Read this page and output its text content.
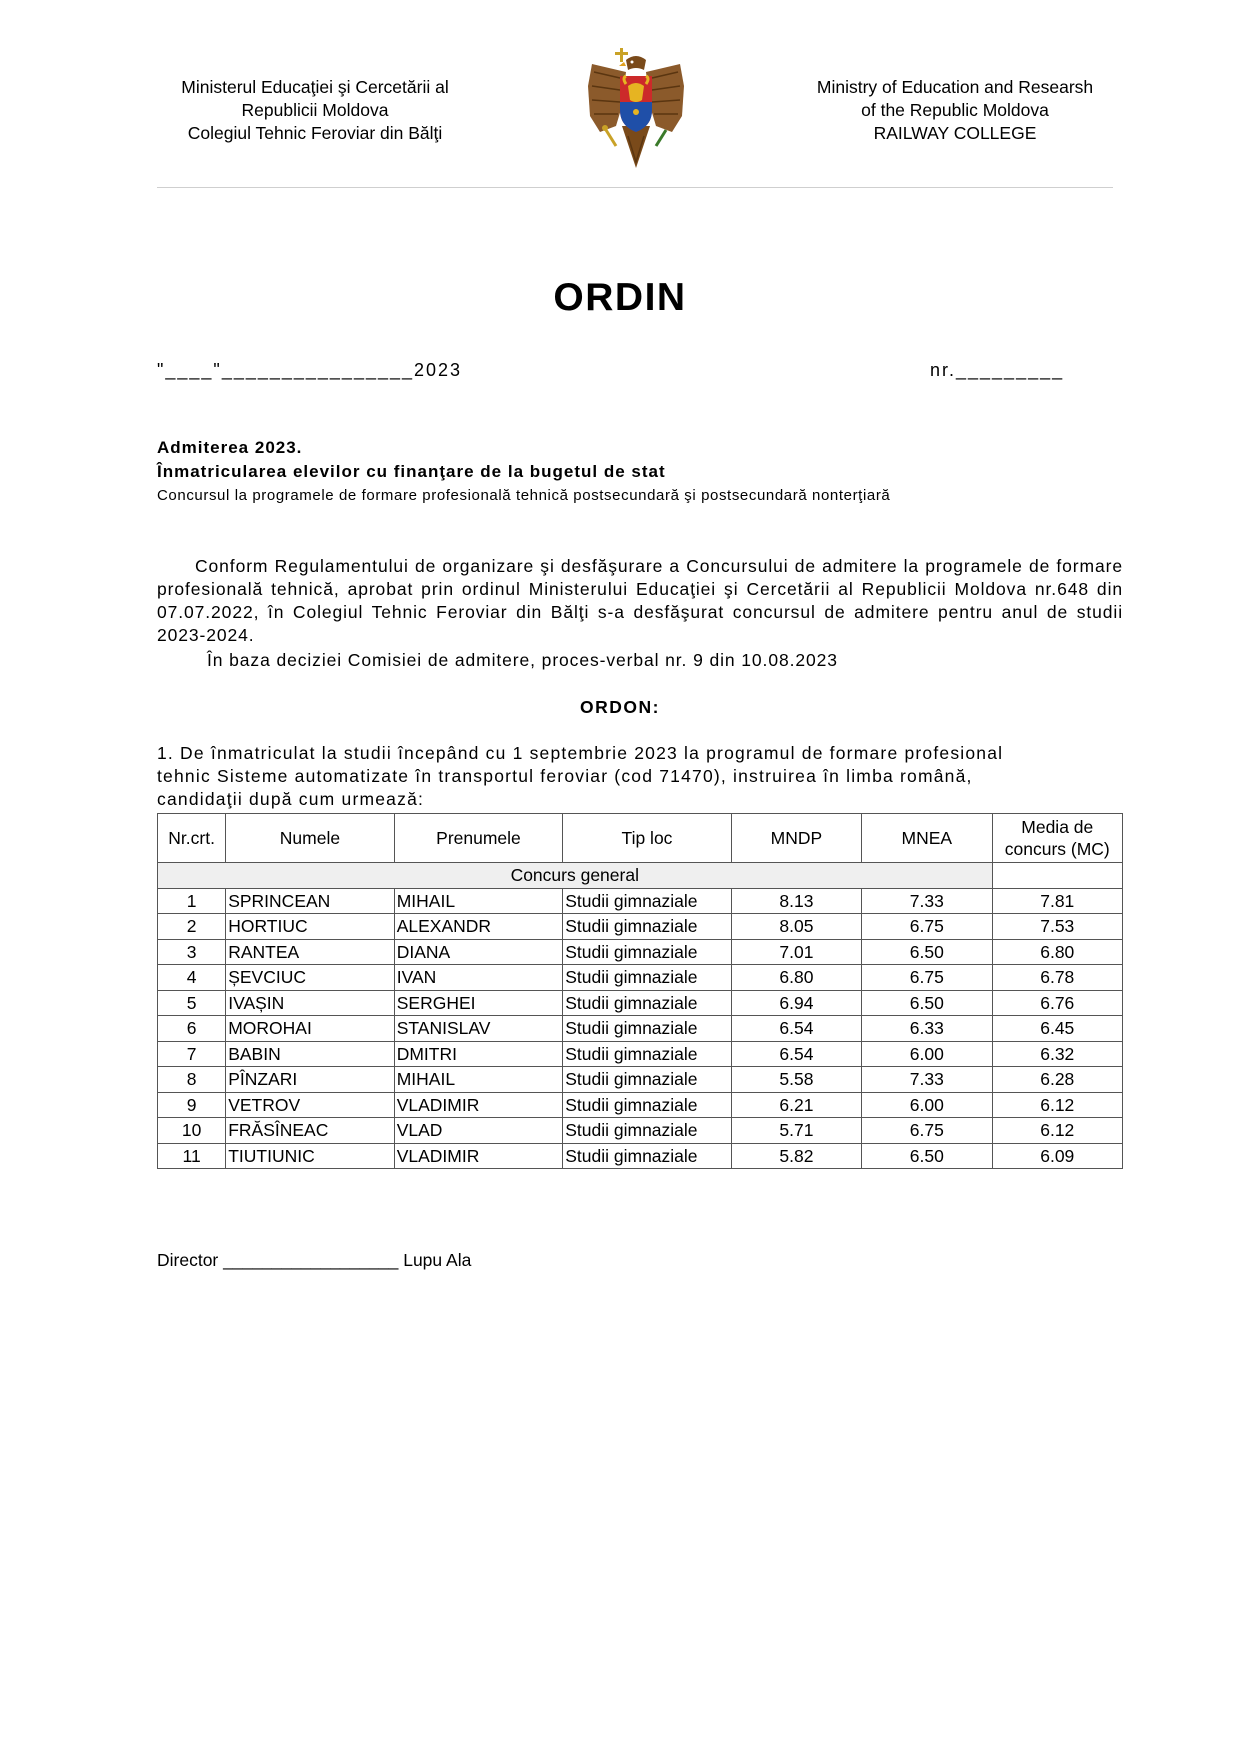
Ministerul Educaţiei şi Cercetării al
Republicii Moldova
Colegiul Tehnic Feroviar din Bălţi
Ministry of Education and Researsh
of the Republic Moldova
RAILWAY COLLEGE
ORDIN
"____"________________2023	nr._________
Admiterea 2023.
Înmatricularea elevilor cu finanţare de la bugetul de stat
Concursul la programele de formare profesională tehnică postsecundară şi postsecundară nonterţiară

Conform Regulamentului de organizare şi desfăşurare a Concursului de admitere la programele de formare profesională tehnică, aprobat prin ordinul Ministerului Educaţiei şi Cercetării al Republicii Moldova nr.648 din 07.07.2022, în Colegiul Tehnic Feroviar din Bălţi s-a desfăşurat concursul de admitere pentru anul de studii 2023-2024.

În baza deciziei Comisiei de admitere, proces-verbal nr. 9 din 10.08.2023
ORDON:
1. De înmatriculat la studii începând cu 1 septembrie 2023 la programul de formare profesional
tehnic Sisteme automatizate în transportul feroviar (cod 71470), instruirea în limba română,
candidaţii după cum urmează:
Nr.crt.	Numele	Prenumele	Tip loc	MNDP	MNEA	Media de concurs (MC)
Concurs general						
1	SPRINCEAN	MIHAIL	Studii gimnaziale	8.13	7.33	7.81
2	HORTIUC	ALEXANDR	Studii gimnaziale	8.05	6.75	7.53
3	RANTEA	DIANA	Studii gimnaziale	7.01	6.50	6.80
4	ȘEVCIUC	IVAN	Studii gimnaziale	6.80	6.75	6.78
5	IVAȘIN	SERGHEI	Studii gimnaziale	6.94	6.50	6.76
6	MOROHAI	STANISLAV	Studii gimnaziale	6.54	6.33	6.45
7	BABIN	DMITRI	Studii gimnaziale	6.54	6.00	6.32
8	PÎNZARI	MIHAIL	Studii gimnaziale	5.58	7.33	6.28
9	VETROV	VLADIMIR	Studii gimnaziale	6.21	6.00	6.12
10	FRĂSÎNEAC	VLAD	Studii gimnaziale	5.71	6.75	6.12
11	TIUTIUNIC	VLADIMIR	Studii gimnaziale	5.82	6.50	6.09
Director __________________ Lupu Ala
